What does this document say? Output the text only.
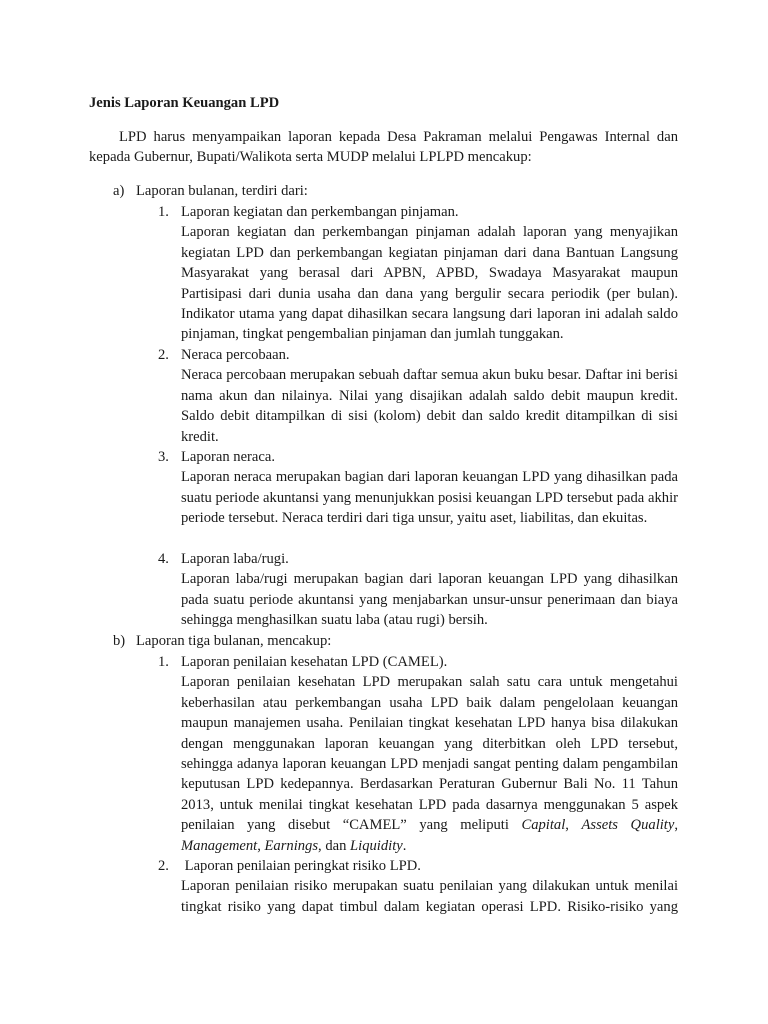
Jenis Laporan Keuangan LPD

LPD harus menyampaikan laporan kepada Desa Pakraman melalui Pengawas Internal dan kepada Gubernur, Bupati/Walikota serta MUDP melalui LPLPD mencakup:

a) Laporan bulanan, terdiri dari:
1. Laporan kegiatan dan perkembangan pinjaman.

Laporan kegiatan dan perkembangan pinjaman adalah laporan yang menyajikan kegiatan LPD dan perkembangan kegiatan pinjaman dari dana Bantuan Langsung Masyarakat yang berasal dari APBN, APBD, Swadaya Masyarakat maupun Partisipasi dari dunia usaha dan dana yang bergulir secara periodik (per bulan). Indikator utama yang dapat dihasilkan secara langsung dari laporan ini adalah saldo pinjaman, tingkat pengembalian pinjaman dan jumlah tunggakan.

2. Neraca percobaan.

Neraca percobaan merupakan sebuah daftar semua akun buku besar. Daftar ini berisi nama akun dan nilainya. Nilai yang disajikan adalah saldo debit maupun kredit. Saldo debit ditampilkan di sisi (kolom) debit dan saldo kredit ditampilkan di sisi kredit.

3. Laporan neraca.

Laporan neraca merupakan bagian dari laporan keuangan LPD yang dihasilkan pada suatu periode akuntansi yang menunjukkan posisi keuangan LPD tersebut pada akhir periode tersebut. Neraca terdiri dari tiga unsur, yaitu aset, liabilitas, dan ekuitas.

4. Laporan laba/rugi.

Laporan laba/rugi merupakan bagian dari laporan keuangan LPD yang dihasilkan pada suatu periode akuntansi yang menjabarkan unsur-unsur penerimaan dan biaya sehingga menghasilkan suatu laba (atau rugi) bersih.

b) Laporan tiga bulanan, mencakup:
1. Laporan penilaian kesehatan LPD (CAMEL).

Laporan penilaian kesehatan LPD merupakan salah satu cara untuk mengetahui keberhasilan atau perkembangan usaha LPD baik dalam pengelolaan keuangan maupun manajemen usaha. Penilaian tingkat kesehatan LPD hanya bisa dilakukan dengan menggunakan laporan keuangan yang diterbitkan oleh LPD tersebut, sehingga adanya laporan keuangan LPD menjadi sangat penting dalam pengambilan keputusan LPD kedepannya. Berdasarkan Peraturan Gubernur Bali No. 11 Tahun 2013, untuk menilai tingkat kesehatan LPD pada dasarnya menggunakan 5 aspek penilaian yang disebut “CAMEL” yang meliputi Capital, Assets Quality, Management, Earnings, dan Liquidity.

2. Laporan penilaian peringkat risiko LPD.

Laporan penilaian risiko merupakan suatu penilaian yang dilakukan untuk menilai tingkat risiko yang dapat timbul dalam kegiatan operasi LPD. Risiko-risiko yang
